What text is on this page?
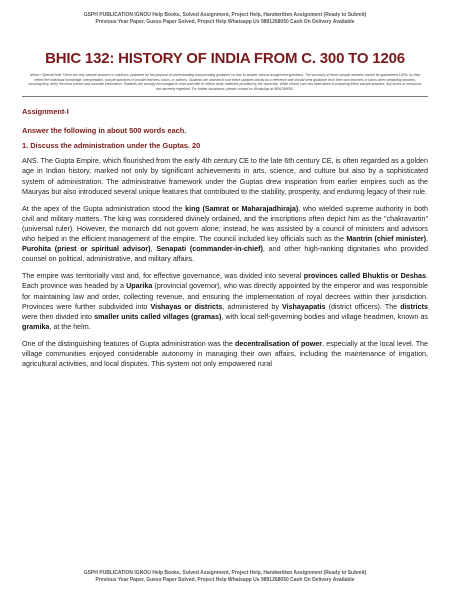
GSPH PUBLICATION IGNOU Help Books, Solved Assignment, Project Help, Handwritten Assignment (Ready to Submit)
Previous Year Paper, Guess Paper Solved, Project Help Whatsapp Us 9891268050 Cash On Delivery Available
BHIC 132: HISTORY OF INDIA FROM C. 300 TO 1206
Notice / Special Note These are only sample answers or solutions, prepared for the purpose of understanding and providing guidance on how to answer various assignment questions. The accuracy of these sample answers cannot be guaranteed 100%, as they reflect the individual knowledge, interpretation, and perspectives of private teachers, tutors, or authors. Students are advised to use these samples strictly as a reference and should seek guidance from their own teachers or tutors when preparing answers, ensuring they verify the most current and accurate information. Students are strongly encouraged to read and refer to official study materials provided by the university. While utmost care has been taken in preparing these sample answers, any errors or omissions are sincerely regretted. For further assistance, please contact us WhatsApp at 9891268050.
Assignment-I
Answer the following in about 500 words each.
1. Discuss the administration under the Guptas. 20

ANS. The Gupta Empire, which flourished from the early 4th century CE to the late 6th century CE, is often regarded as a golden age in Indian history, marked not only by significant achievements in arts, science, and culture but also by a sophisticated system of administration. The administrative framework under the Guptas drew inspiration from earlier empires such as the Mauryas but also introduced several unique features that contributed to the stability, prosperity, and enduring legacy of their rule.

At the apex of the Gupta administration stood the king (Samrat or Maharajadhiraja), who wielded supreme authority in both civil and military matters. The king was considered divinely ordained, and the inscriptions often depict him as the "chakravartin" (universal ruler). However, the monarch did not govern alone; instead, he was assisted by a council of ministers and advisors who helped in the efficient management of the empire. The council included key officials such as the Mantrin (chief minister), Purohita (priest or spiritual advisor), Senapati (commander-in-chief), and other high-ranking dignitaries who provided counsel on political, administrative, and military affairs.

The empire was territorially vast and, for effective governance, was divided into several provinces called Bhuktis or Deshas. Each province was headed by a Uparika (provincial governor), who was directly appointed by the emperor and was responsible for maintaining law and order, collecting revenue, and ensuring the implementation of royal decrees within their jurisdiction. Provinces were further subdivided into Vishayas or districts, administered by Vishayapatis (district officers). The districts were then divided into smaller units called villages (gramas), with local self-governing bodies and village headmen, known as gramika, at the helm.

One of the distinguishing features of Gupta administration was the decentralisation of power, especially at the local level. The village communities enjoyed considerable autonomy in managing their own affairs, including the maintenance of irrigation, agricultural activities, and local disputes. This system not only empowered rural

GSPH PUBLICATION IGNOU Help Books, Solved Assignment, Project Help, Handwritten Assignment (Ready to Submit)
Previous Year Paper, Guess Paper Solved, Project Help Whatsapp Us 9891268050 Cash On Delivery Available
